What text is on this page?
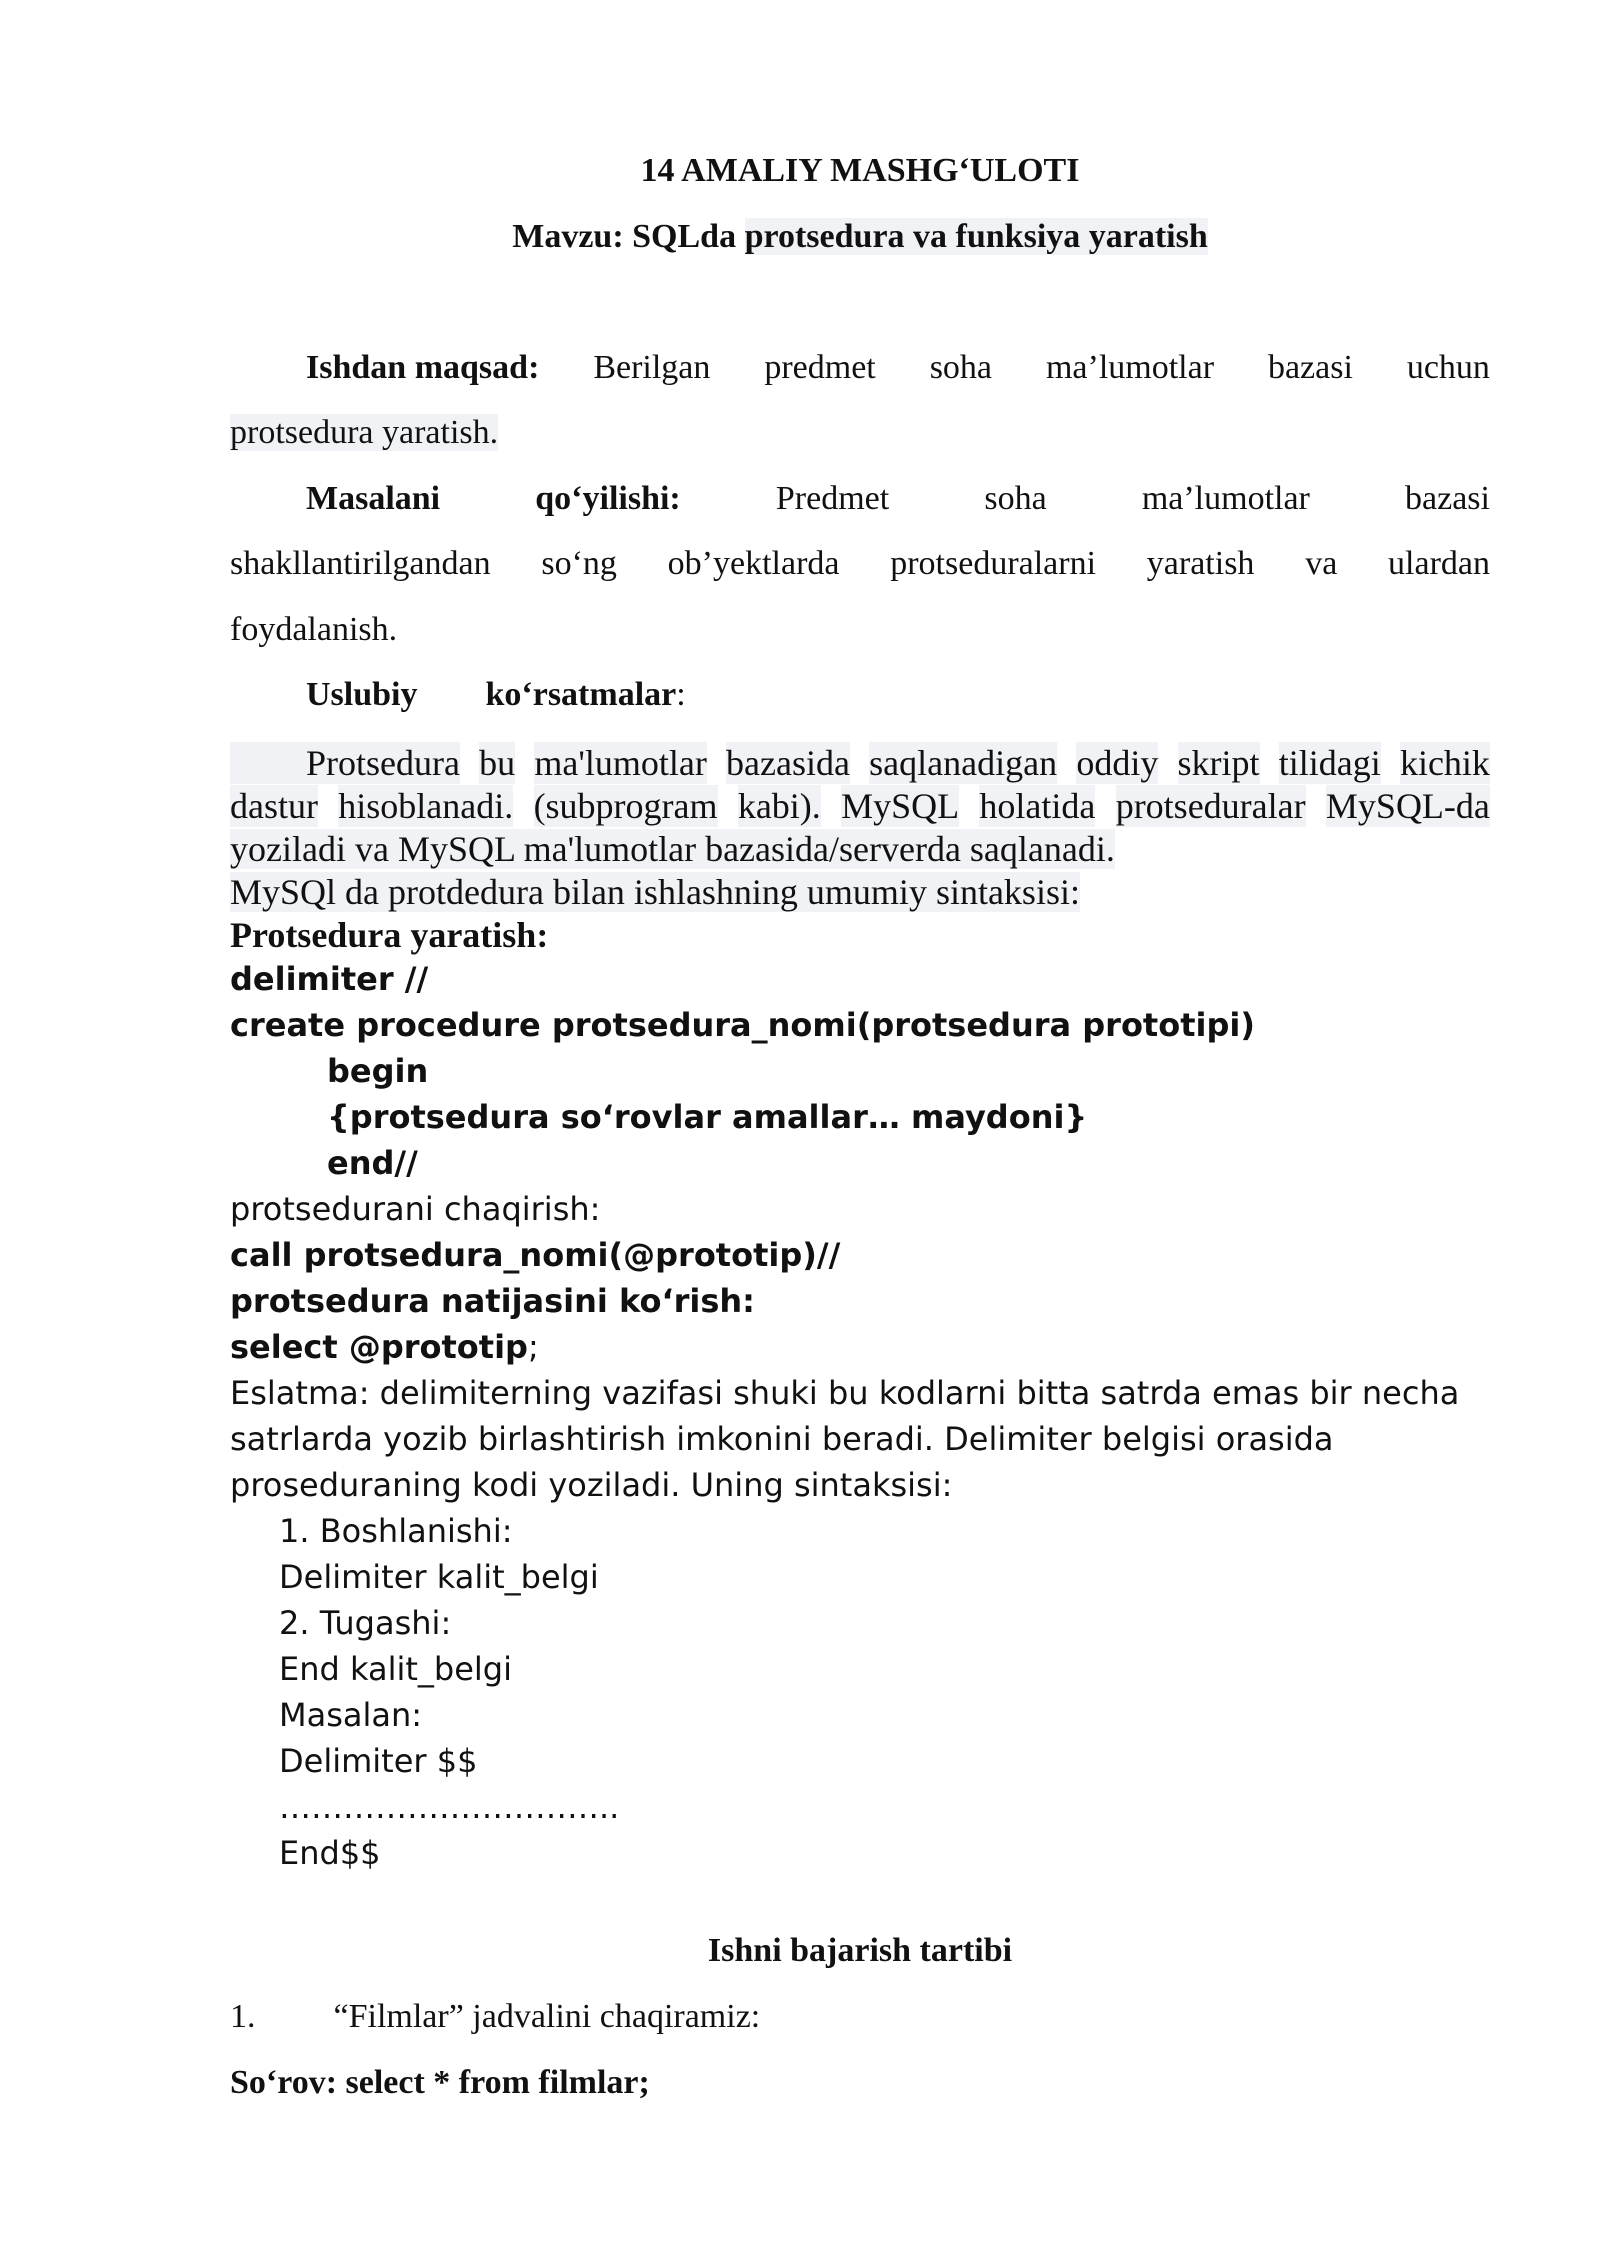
14 AMALIY MASHG‘ULOTI
Mavzu: SQLda protsedura va funksiya yaratish
Ishdan maqsad: Berilgan predmet soha ma’lumotlar bazasi uchun
protsedura yaratish.
Masalani	qo‘yilishi:	Predmet	soha	ma’lumotlar	bazasi
shakllantirilgandan so‘ng ob’yektlarda protseduralarni yaratish va ulardan
foydalanish.
Uslubiy ko‘rsatmalar:
Protsedura bu ma'lumotlar bazasida saqlanadigan oddiy skript tilidagi kichik
dastur hisoblanadi. (subprogram kabi). MySQL holatida protseduralar MySQL-da
yoziladi va MySQL ma'lumotlar bazasida/serverda saqlanadi.
MySQl da protdedura bilan ishlashning umumiy sintaksisi:
Protsedura yaratish:
delimiter //
create procedure protsedura_nomi(protsedura prototipi)
begin
{protsedura so‘rovlar amallar… maydoni}
end//
protsedurani chaqirish:
call protsedura_nomi(@prototip)//
protsedura natijasini ko‘rish:
select @prototip;
Eslatma: delimiterning vazifasi shuki bu kodlarni bitta satrda emas bir necha
satrlarda yozib birlashtirish imkonini beradi. Delimiter belgisi orasida
proseduraning kodi yoziladi. Uning sintaksisi:
1. Boshlanishi:
Delimiter kalit_belgi
2. Tugashi:
End kalit_belgi
Masalan:
Delimiter $$
…………………………..
End$$
Ishni bajarish tartibi
1. “Filmlar” jadvalini chaqiramiz:
So‘rov: select * from filmlar;
